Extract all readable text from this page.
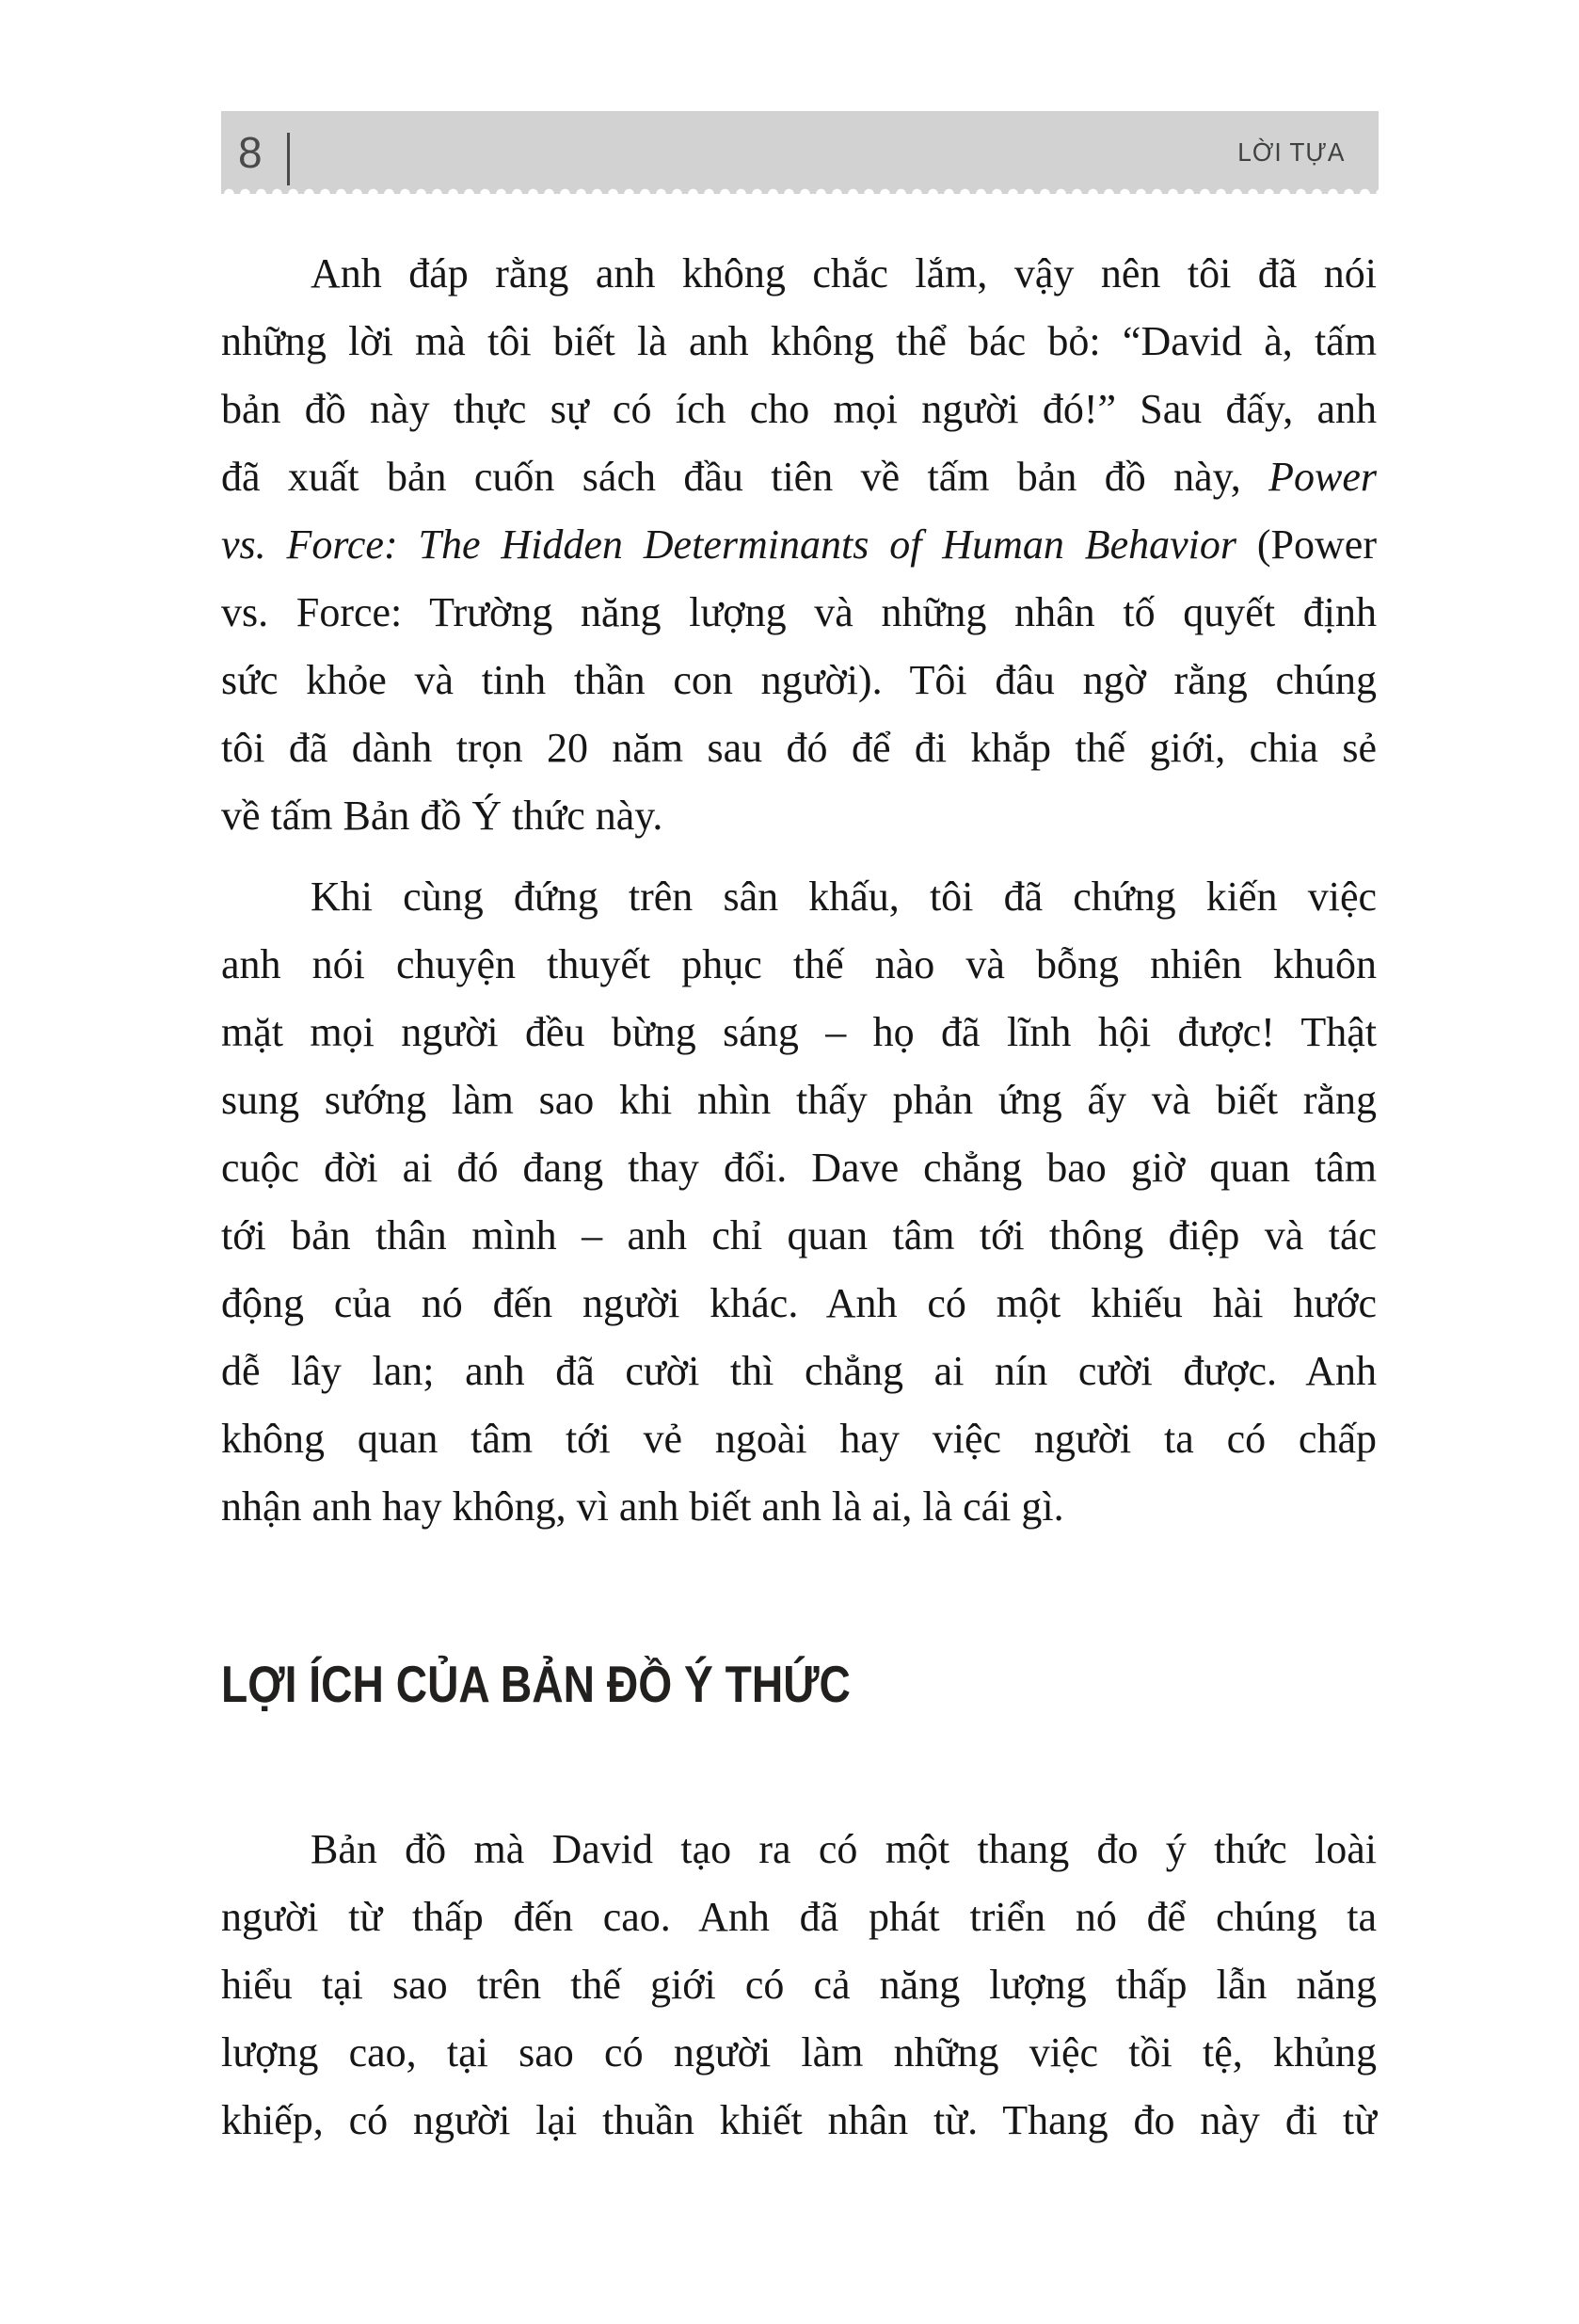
8	LỜI TỰA
Anh đáp rằng anh không chắc lắm, vậy nên tôi đã nói
những lời mà tôi biết là anh không thể bác bỏ: “David à, tấm
bản đồ này thực sự có ích cho mọi người đó!” Sau đấy, anh
đã xuất bản cuốn sách đầu tiên về tấm bản đồ này, Power
vs. Force: The Hidden Determinants of Human Behavior (Power
vs. Force: Trường năng lượng và những nhân tố quyết định
sức khỏe và tinh thần con người). Tôi đâu ngờ rằng chúng
tôi đã dành trọn 20 năm sau đó để đi khắp thế giới, chia sẻ
về tấm Bản đồ Ý thức này.
Khi cùng đứng trên sân khấu, tôi đã chứng kiến việc
anh nói chuyện thuyết phục thế nào và bỗng nhiên khuôn
mặt mọi người đều bừng sáng – họ đã lĩnh hội được! Thật
sung sướng làm sao khi nhìn thấy phản ứng ấy và biết rằng
cuộc đời ai đó đang thay đổi. Dave chẳng bao giờ quan tâm
tới bản thân mình – anh chỉ quan tâm tới thông điệp và tác
động của nó đến người khác. Anh có một khiếu hài hước
dễ lây lan; anh đã cười thì chẳng ai nín cười được. Anh
không quan tâm tới vẻ ngoài hay việc người ta có chấp
nhận anh hay không, vì anh biết anh là ai, là cái gì.
LỢI ÍCH CỦA BẢN ĐỒ Ý THỨC
Bản đồ mà David tạo ra có một thang đo ý thức loài
người từ thấp đến cao. Anh đã phát triển nó để chúng ta
hiểu tại sao trên thế giới có cả năng lượng thấp lẫn năng
lượng cao, tại sao có người làm những việc tồi tệ, khủng
khiếp, có người lại thuần khiết nhân từ. Thang đo này đi từ
